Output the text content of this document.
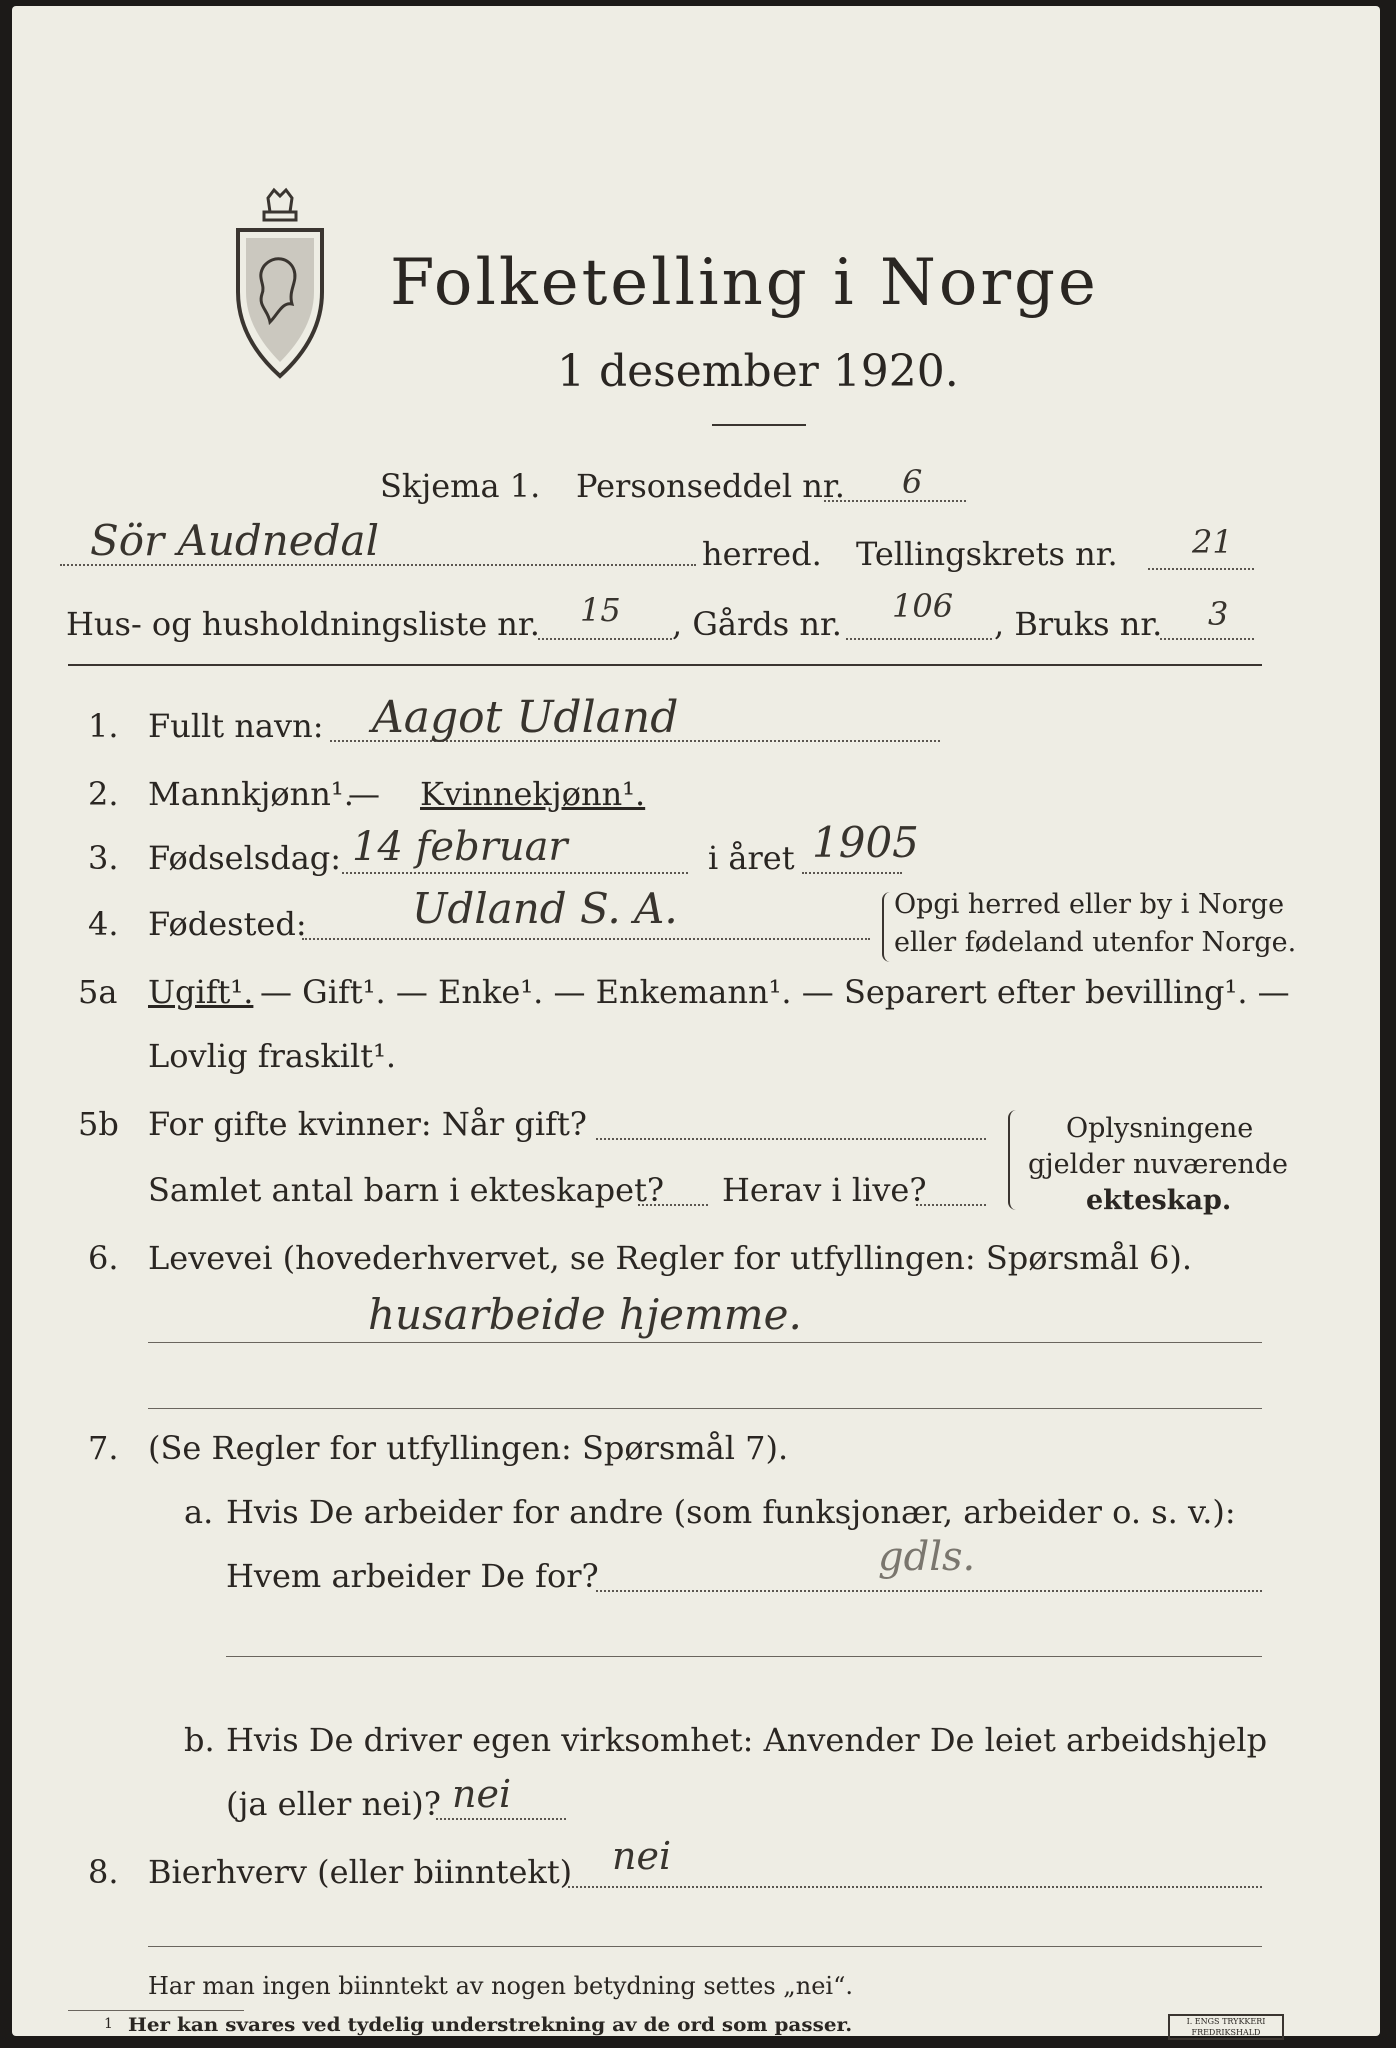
Folketelling i Norge
1 desember 1920.
Skjema 1. Personseddel nr. 6
Sör Audnedal	herred. Tellingskrets nr. 21
Hus- og husholdningsliste nr. 15 , Gårds nr. 106 , Bruks nr. 3
1. Fullt navn: Aagot Udland
2. Mannkjønn¹.
— Kvinnekjønn¹.
3. Fødselsdag: 14 februar	i året 1905
4. Fødested:	Udland S. A.	Opgi herred eller by i Norge
eller fødeland utenfor Norge.
5a Ugift¹. — Gift¹. — Enke¹. — Enkemann¹. — Separert efter bevilling¹. —
Lovlig fraskilt¹.
5b For gifte kvinner: Når gift?
Samlet antal barn i ekteskapet? Herav i live?
Oplysningene
gjelder nuværende
ekteskap.
6. Levevei (hovederhvervet, se Regler for utfyllingen: Spørsmål 6).
husarbeide hjemme.
7. (Se Regler for utfyllingen: Spørsmål 7).
a. Hvis De arbeider for andre (som funksjonær, arbeider o. s. v.):
Hvem arbeider De for?	gdls.
b. Hvis De driver egen virksomhet: Anvender De leiet arbeidshjelp
(ja eller nei)? nei
8. Bierhverv (eller biinntekt) nei
Har man ingen biinntekt av nogen betydning settes „nei“.
1 Her kan svares ved tydelig understrekning av de ord som passer.	I. ENGS TRYKKERI
FREDRIKSHALD
